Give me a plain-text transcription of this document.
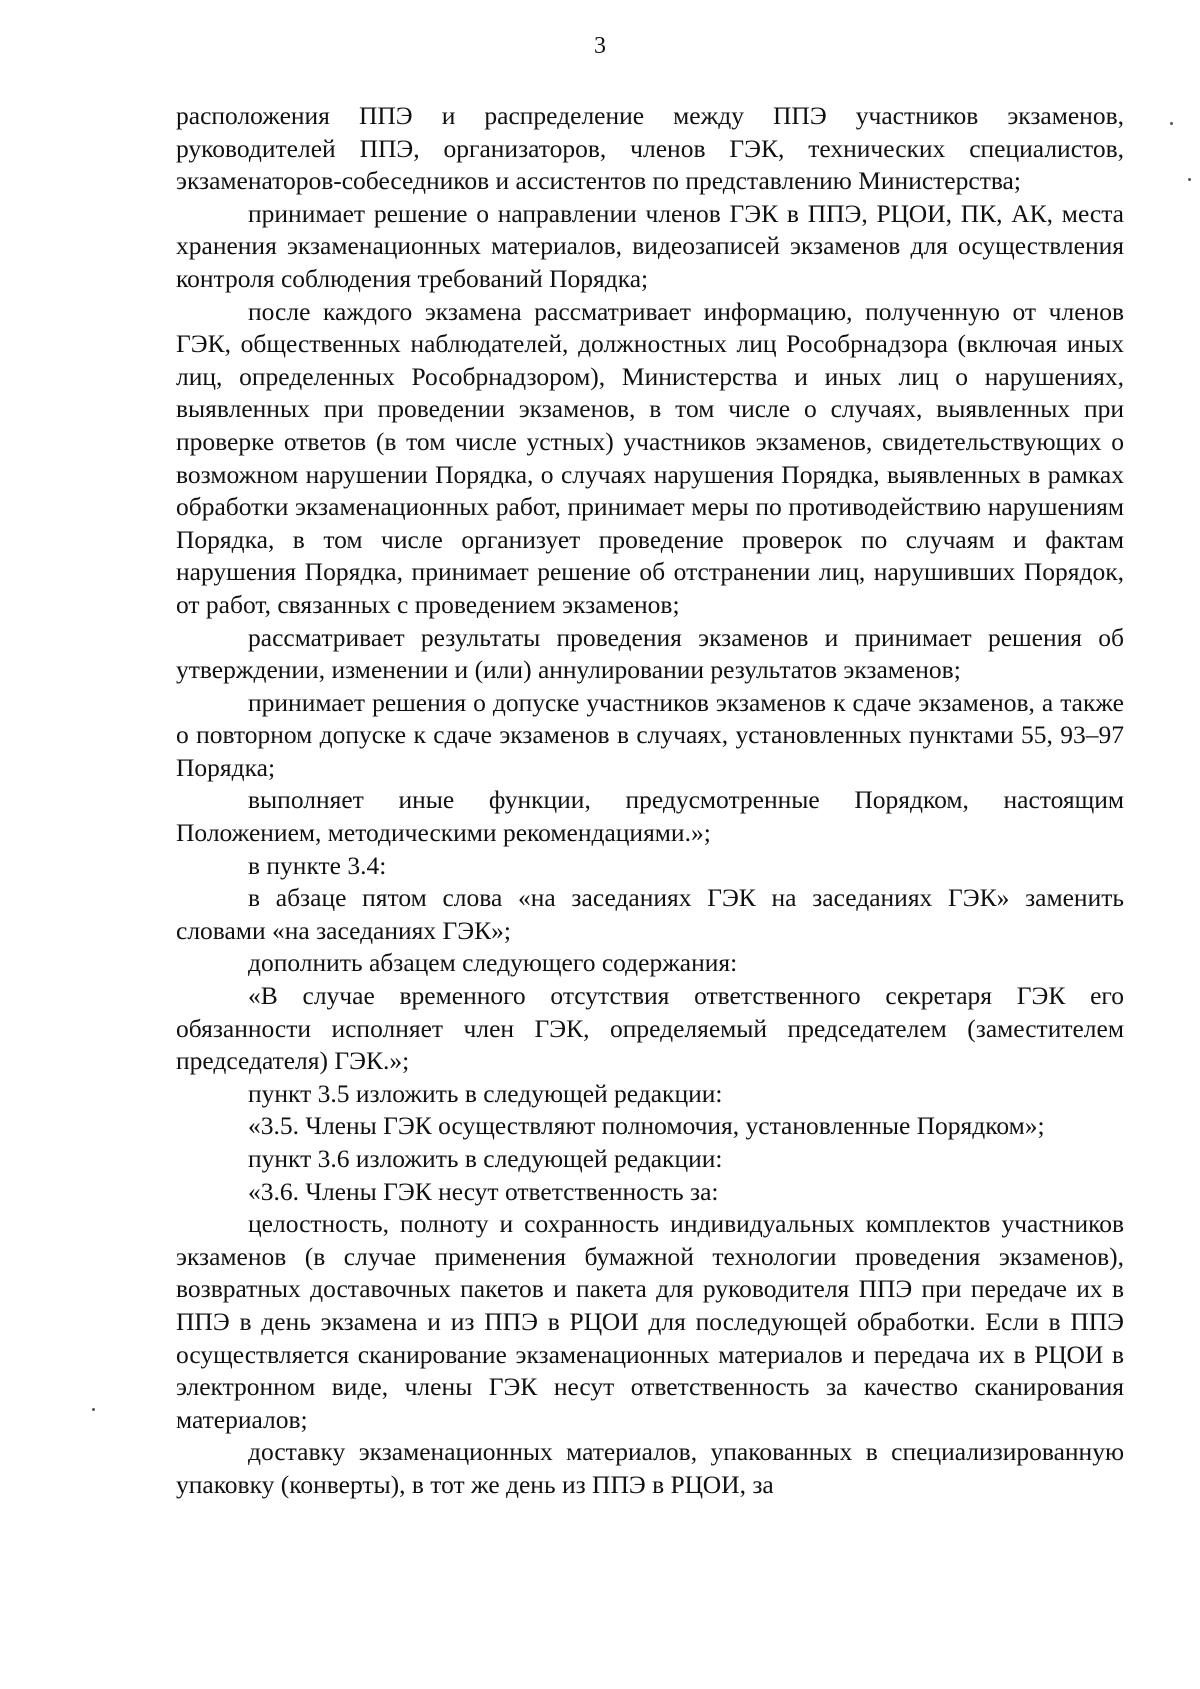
3

расположения ППЭ и распределение между ППЭ участников экзаменов, руководителей ППЭ, организаторов, членов ГЭК, технических специалистов, экзаменаторов-собеседников и ассистентов по представлению Министерства;

принимает решение о направлении членов ГЭК в ППЭ, РЦОИ, ПК, АК, места хранения экзаменационных материалов, видеозаписей экзаменов для осуществления контроля соблюдения требований Порядка;

после каждого экзамена рассматривает информацию, полученную от членов ГЭК, общественных наблюдателей, должностных лиц Рособрнадзора (включая иных лиц, определенных Рособрнадзором), Министерства и иных лиц о нарушениях, выявленных при проведении экзаменов, в том числе о случаях, выявленных при проверке ответов (в том числе устных) участников экзаменов, свидетельствующих о возможном нарушении Порядка, о случаях нарушения Порядка, выявленных в рамках обработки экзаменационных работ, принимает меры по противодействию нарушениям Порядка, в том числе организует проведение проверок по случаям и фактам нарушения Порядка, принимает решение об отстранении лиц, нарушивших Порядок, от работ, связанных с проведением экзаменов;

рассматривает результаты проведения экзаменов и принимает решения об утверждении, изменении и (или) аннулировании результатов экзаменов;

принимает решения о допуске участников экзаменов к сдаче экзаменов, а также о повторном допуске к сдаче экзаменов в случаях, установленных пунктами 55, 93–97 Порядка;

выполняет иные функции, предусмотренные Порядком, настоящим Положением, методическими рекомендациями.»;

в пункте 3.4:

в абзаце пятом слова «на заседаниях ГЭК на заседаниях ГЭК» заменить словами «на заседаниях ГЭК»;

дополнить абзацем следующего содержания:

«В случае временного отсутствия ответственного секретаря ГЭК его обязанности исполняет член ГЭК, определяемый председателем (заместителем председателя) ГЭК.»;

пункт 3.5 изложить в следующей редакции:

«3.5. Члены ГЭК осуществляют полномочия, установленные Порядком»;

пункт 3.6 изложить в следующей редакции:

«3.6. Члены ГЭК несут ответственность за:

целостность, полноту и сохранность индивидуальных комплектов участников экзаменов (в случае применения бумажной технологии проведения экзаменов), возвратных доставочных пакетов и пакета для руководителя ППЭ при передаче их в ППЭ в день экзамена и из ППЭ в РЦОИ для последующей обработки. Если в ППЭ осуществляется сканирование экзаменационных материалов и передача их в РЦОИ в электронном виде, члены ГЭК несут ответственность за качество сканирования материалов;

доставку экзаменационных материалов, упакованных в специализированную упаковку (конверты), в тот же день из ППЭ в РЦОИ, за
